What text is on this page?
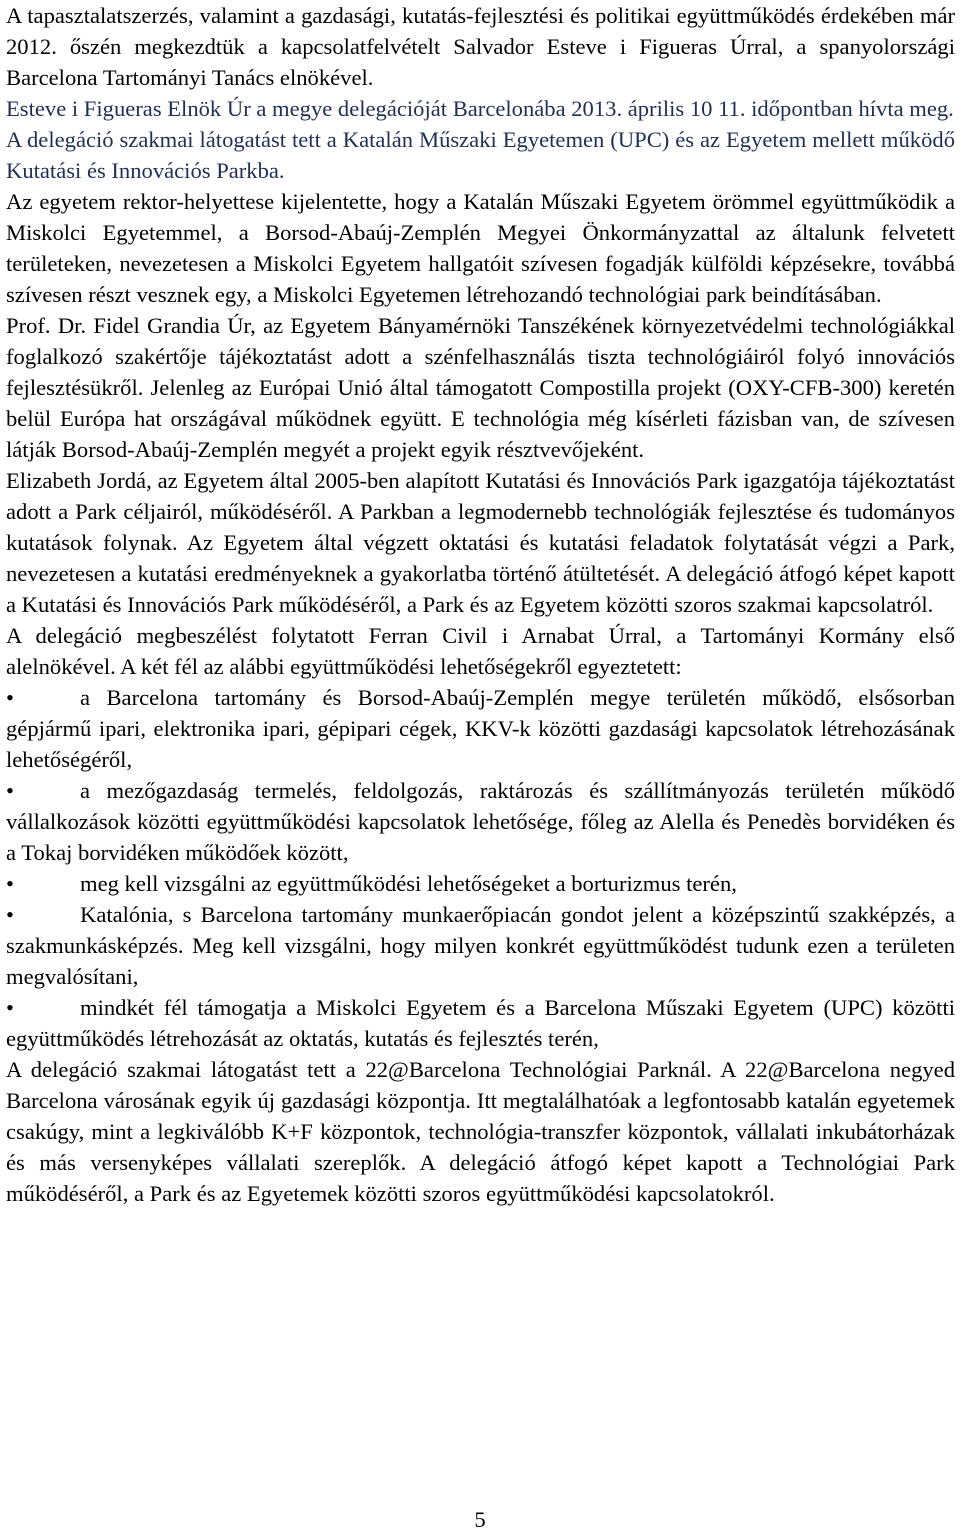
A tapasztalatszerzés, valamint a gazdasági, kutatás-fejlesztési és politikai együttműködés érdekében már 2012. őszén megkezdtük a kapcsolatfelvételt Salvador Esteve i Figueras Úrral, a spanyolországi Barcelona Tartományi Tanács elnökével.

Esteve i Figueras Elnök Úr a megye delegációját Barcelonába 2013. április 10 11. időpontban hívta meg.

A delegáció szakmai látogatást tett a Katalán Műszaki Egyetemen (UPC) és az Egyetem mellett működő Kutatási és Innovációs Parkba.

Az egyetem rektor-helyettese kijelentette, hogy a Katalán Műszaki Egyetem örömmel együttműködik a Miskolci Egyetemmel, a Borsod-Abaúj-Zemplén Megyei Önkormányzattal az általunk felvetett területeken, nevezetesen a Miskolci Egyetem hallgatóit szívesen fogadják külföldi képzésekre, továbbá szívesen részt vesznek egy, a Miskolci Egyetemen létrehozandó technológiai park beindításában.

Prof. Dr. Fidel Grandia Úr, az Egyetem Bányamérnöki Tanszékének környezetvédelmi technológiákkal foglalkozó szakértője tájékoztatást adott a szénfelhasználás tiszta technológiáiról folyó innovációs fejlesztésükről. Jelenleg az Európai Unió által támogatott Compostilla projekt (OXY-CFB-300) keretén belül Európa hat országával működnek együtt. E technológia még kísérleti fázisban van, de szívesen látják Borsod-Abaúj-Zemplén megyét a projekt egyik résztvevőjeként.

Elizabeth Jordá, az Egyetem által 2005-ben alapított Kutatási és Innovációs Park igazgatója tájékoztatást adott a Park céljairól, működéséről. A Parkban a legmodernebb technológiák fejlesztése és tudományos kutatások folynak. Az Egyetem által végzett oktatási és kutatási feladatok folytatását végzi a Park, nevezetesen a kutatási eredményeknek a gyakorlatba történő átültetését. A delegáció átfogó képet kapott a Kutatási és Innovációs Park működéséről, a Park és az Egyetem közötti szoros szakmai kapcsolatról.

A delegáció megbeszélést folytatott Ferran Civil i Arnabat Úrral, a Tartományi Kormány első alelnökével. A két fél az alábbi együttműködési lehetőségekről egyeztetett:

•	a Barcelona tartomány és Borsod-Abaúj-Zemplén megye területén működő, elsősorban gépjármű ipari, elektronika ipari, gépipari cégek, KKV-k közötti gazdasági kapcsolatok létrehozásának lehetőségéről,

•	a mezőgazdaság termelés, feldolgozás, raktározás és szállítmányozás területén működő vállalkozások közötti együttműködési kapcsolatok lehetősége, főleg az Alella és Penedès borvidéken és a Tokaj borvidéken működőek között,

•	meg kell vizsgálni az együttműködési lehetőségeket a borturizmus terén,

•	Katalónia, s Barcelona tartomány munkaerőpiacán gondot jelent a középszintű szakképzés, a szakmunkásképzés. Meg kell vizsgálni, hogy milyen konkrét együttműködést tudunk ezen a területen megvalósítani,

•	mindkét fél támogatja a Miskolci Egyetem és a Barcelona Műszaki Egyetem (UPC) közötti együttműködés létrehozását az oktatás, kutatás és fejlesztés terén,

A delegáció szakmai látogatást tett a 22@Barcelona Technológiai Parknál. A 22@Barcelona negyed Barcelona városának egyik új gazdasági központja. Itt megtalálhatóak a legfontosabb katalán egyetemek csakúgy, mint a legkiválóbb K+F központok, technológia-transzfer központok, vállalati inkubátorházak és más versenyképes vállalati szereplők. A delegáció átfogó képet kapott a Technológiai Park működéséről, a Park és az Egyetemek közötti szoros együttműködési kapcsolatokról.

5
